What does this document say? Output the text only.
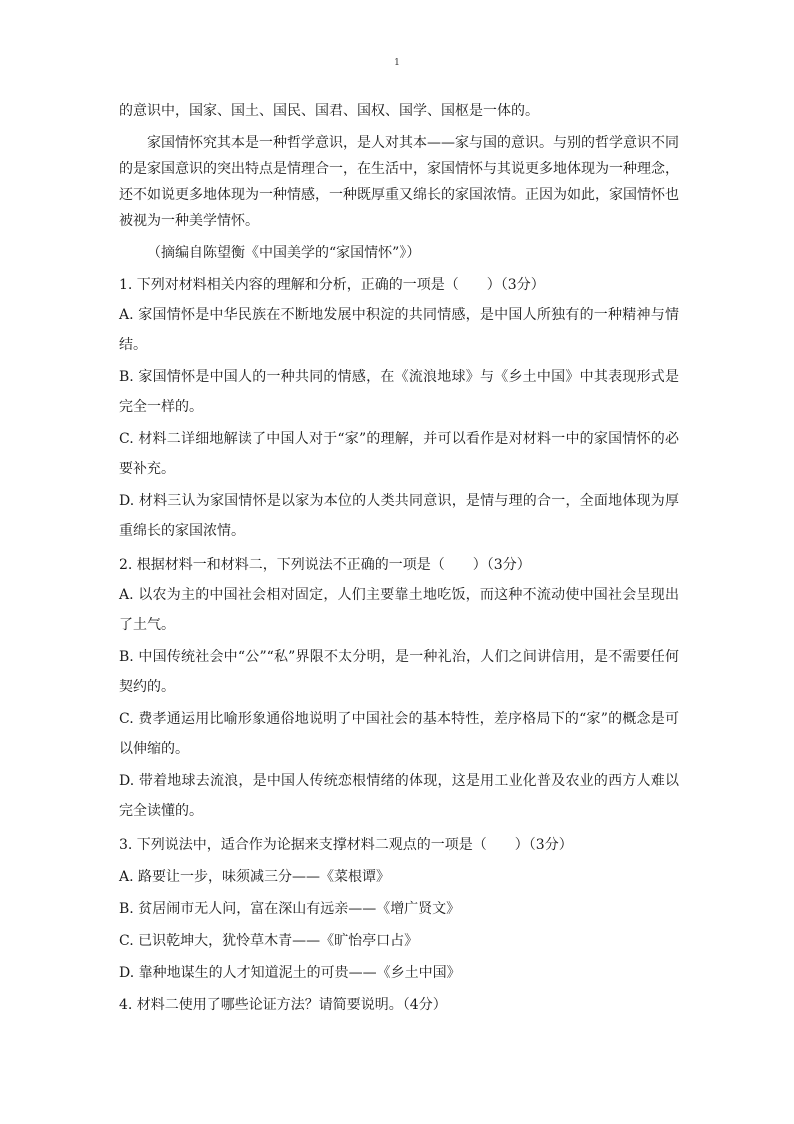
1

的意识中，国家、国土、国民、国君、国权、国学、国枢是一体的。

家国情怀究其本是一种哲学意识，是人对其本——家与国的意识。与别的哲学意识不同的是家国意识的突出特点是情理合一，在生活中，家国情怀与其说更多地体现为一种理念，还不如说更多地体现为一种情感，一种既厚重又绵长的家国浓情。正因为如此，家国情怀也被视为一种美学情怀。

（摘编自陈望衡《中国美学的“家国情怀”》）
1. 下列对材料相关内容的理解和分析，正确的一项是（　　）（3分）
A. 家国情怀是中华民族在不断地发展中积淀的共同情感，是中国人所独有的一种精神与情结。
B. 家国情怀是中国人的一种共同的情感，在《流浪地球》与《乡土中国》中其表现形式是完全一样的。
C. 材料二详细地解读了中国人对于“家”的理解，并可以看作是对材料一中的家国情怀的必要补充。
D. 材料三认为家国情怀是以家为本位的人类共同意识，是情与理的合一，全面地体现为厚重绵长的家国浓情。
2. 根据材料一和材料二，下列说法不正确的一项是（　　）（3分）
A. 以农为主的中国社会相对固定，人们主要靠土地吃饭，而这种不流动使中国社会呈现出了土气。
B. 中国传统社会中“公”“私”界限不太分明，是一种礼治，人们之间讲信用，是不需要任何契约的。
C. 费孝通运用比喻形象通俗地说明了中国社会的基本特性，差序格局下的“家”的概念是可以伸缩的。
D. 带着地球去流浪，是中国人传统恋根情绪的体现，这是用工业化普及农业的西方人难以完全读懂的。
3. 下列说法中，适合作为论据来支撑材料二观点的一项是（　　）（3分）
A. 路要让一步，味须减三分——《菜根谭》
B. 贫居闹市无人问，富在深山有远亲——《增广贤文》
C. 已识乾坤大，犹怜草木青——《旷怡亭口占》
D. 靠种地谋生的人才知道泥土的可贵——《乡土中国》
4. 材料二使用了哪些论证方法？请简要说明。（4分）
